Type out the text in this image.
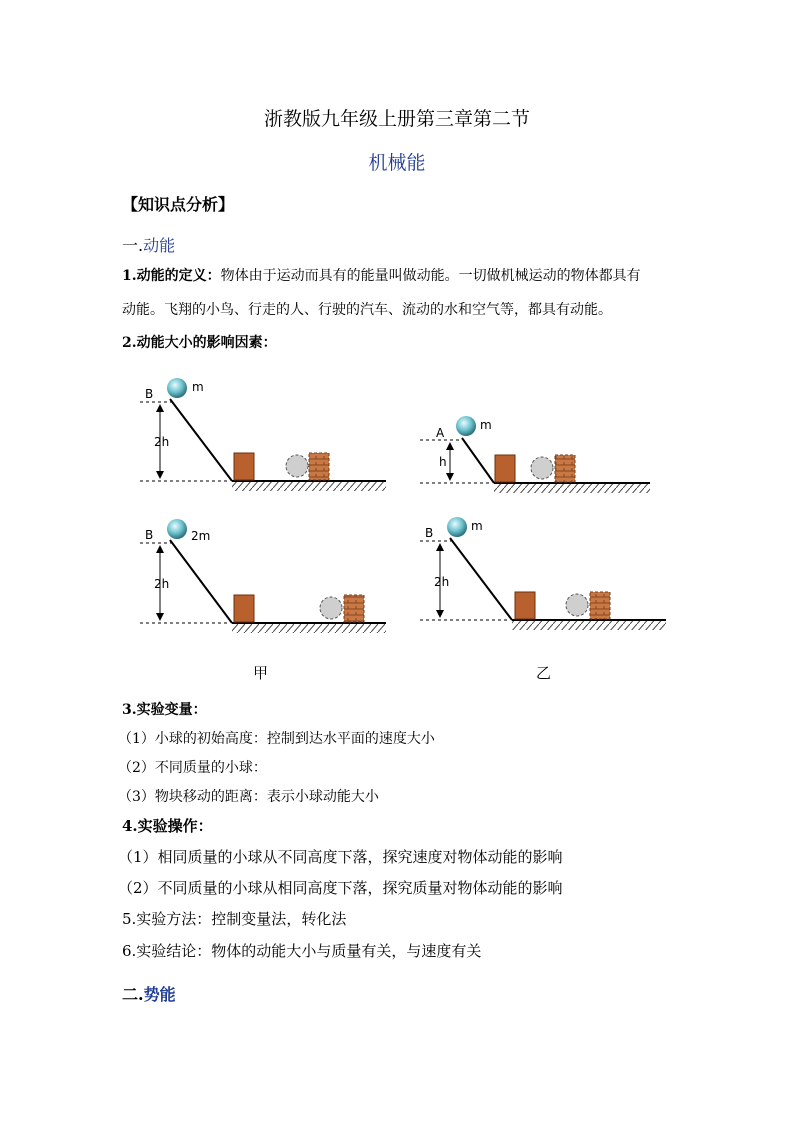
浙教版九年级上册第三章第二节
机械能
【知识点分析】
一.动能
1.动能的定义：物体由于运动而具有的能量叫做动能。一切做机械运动的物体都具有
动能。飞翔的小鸟、行走的人、行驶的汽车、流动的水和空气等，都具有动能。
2.动能大小的影响因素：
B
2h
m
A
h
m
B
2h
2m	B
2h
m
甲	乙
3.实验变量：
（1）小球的初始高度：控制到达水平面的速度大小
（2）不同质量的小球：
（3）物块移动的距离：表示小球动能大小
4.实验操作：
（1）相同质量的小球从不同高度下落，探究速度对物体动能的影响
（2）不同质量的小球从相同高度下落，探究质量对物体动能的影响
5.实验方法：控制变量法，转化法
6.实验结论：物体的动能大小与质量有关，与速度有关
二.势能
